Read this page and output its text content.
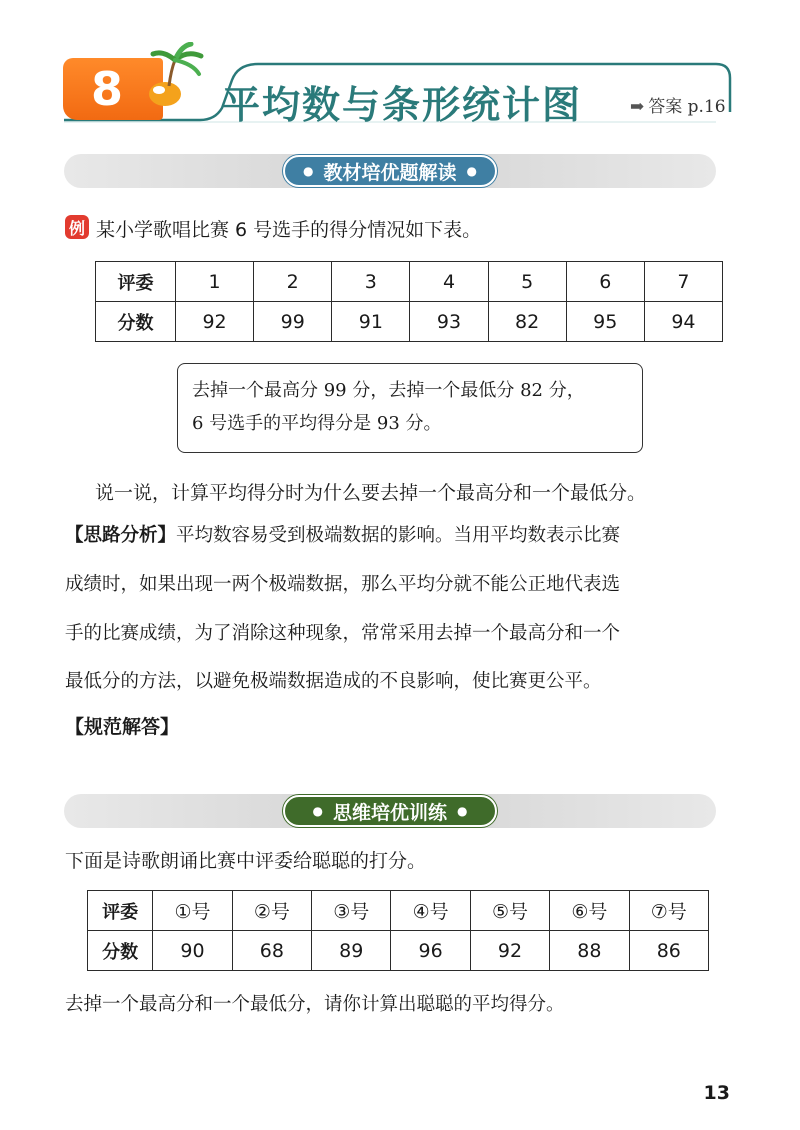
8	平均数与条形统计图	➡ 答案 p.16
● 教材培优题解读 ●
例 某小学歌唱比赛 6 号选手的得分情况如下表。
评委	1	2	3	4	5	6	7
分数	92	99	91	93	82	95	94
去掉一个最高分 99 分，去掉一个最低分 82 分，
6 号选手的平均得分是 93 分。
说一说，计算平均得分时为什么要去掉一个最高分和一个最低分。
【思路分析】平均数容易受到极端数据的影响。当用平均数表示比赛
成绩时，如果出现一两个极端数据，那么平均分就不能公正地代表选
手的比赛成绩，为了消除这种现象，常常采用去掉一个最高分和一个
最低分的方法，以避免极端数据造成的不良影响，使比赛更公平。
【规范解答】
● 思维培优训练 ●
下面是诗歌朗诵比赛中评委给聪聪的打分。
评委	①号	②号	③号	④号	⑤号	⑥号	⑦号
分数	90	68	89	96	92	88	86
去掉一个最高分和一个最低分，请你计算出聪聪的平均得分。
13
